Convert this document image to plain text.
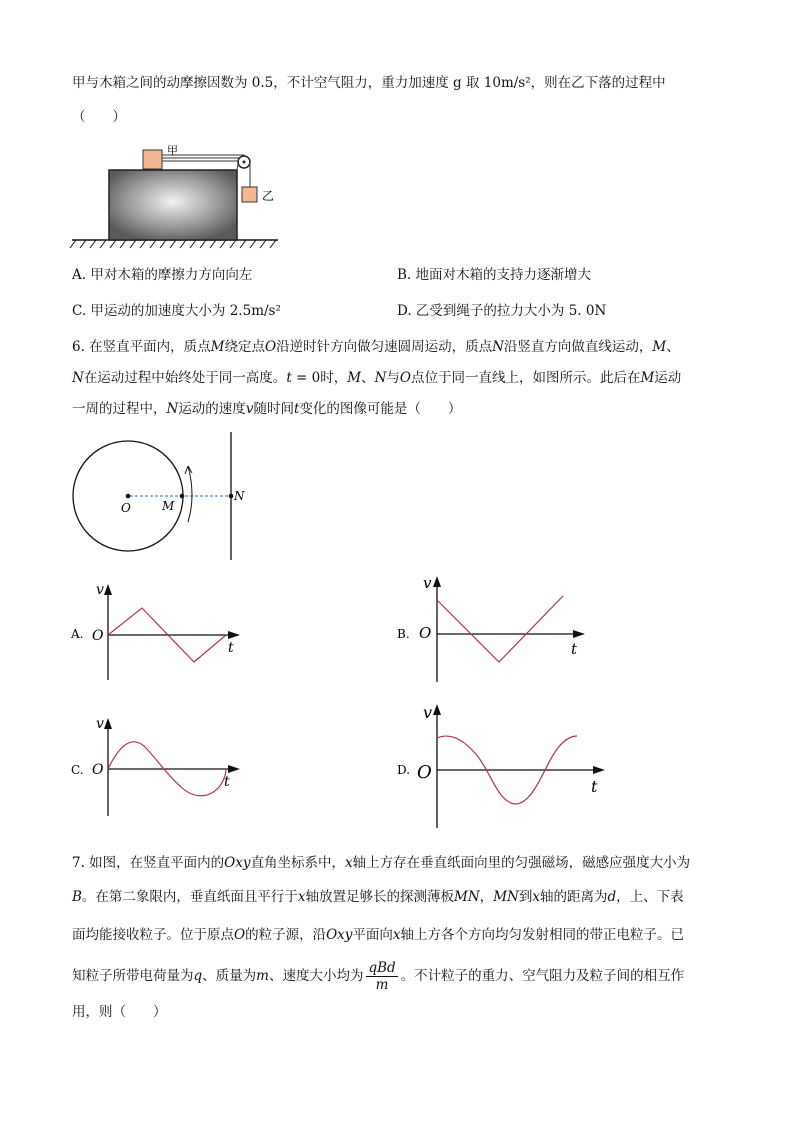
甲与木箱之间的动摩擦因数为 0.5，不计空气阻力，重力加速度 g 取 10m/s²，则在乙下落的过程中
（　　）
甲
乙
A. 甲对木箱的摩擦力方向向左	B. 地面对木箱的支持力逐渐增大
C. 甲运动的加速度大小为 2.5m/s²	D. 乙受到绳子的拉力大小为 5. 0N
6. 在竖直平面内，质点M绕定点O沿逆时针方向做匀速圆周运动，质点N沿竖直方向做直线运动，M、
N在运动过程中始终处于同一高度。t = 0时，M、N与O点位于同一直线上，如图所示。此后在M运动
一周的过程中，N运动的速度v随时间t变化的图像可能是（　　）
O	M
N
A.
v
O
t
B.
v
O
t
C.
v
O
t
D.
v
O
t
7. 如图，在竖直平面内的Oxy直角坐标系中，x轴上方存在垂直纸面向里的匀强磁场，磁感应强度大小为
B。在第二象限内，垂直纸面且平行于x轴放置足够长的探测薄板MN，MN到x轴的距离为d，上、下表
面均能接收粒子。位于原点O的粒子源，沿Oxy平面向x轴上方各个方向均匀发射相同的带正电粒子。已
知粒子所带电荷量为q、质量为m、速度大小均为 $\frac{\text{qBd}}{m}$ 。不计粒子的重力、空气阻力及粒子间的相互作
用，则（　　）
